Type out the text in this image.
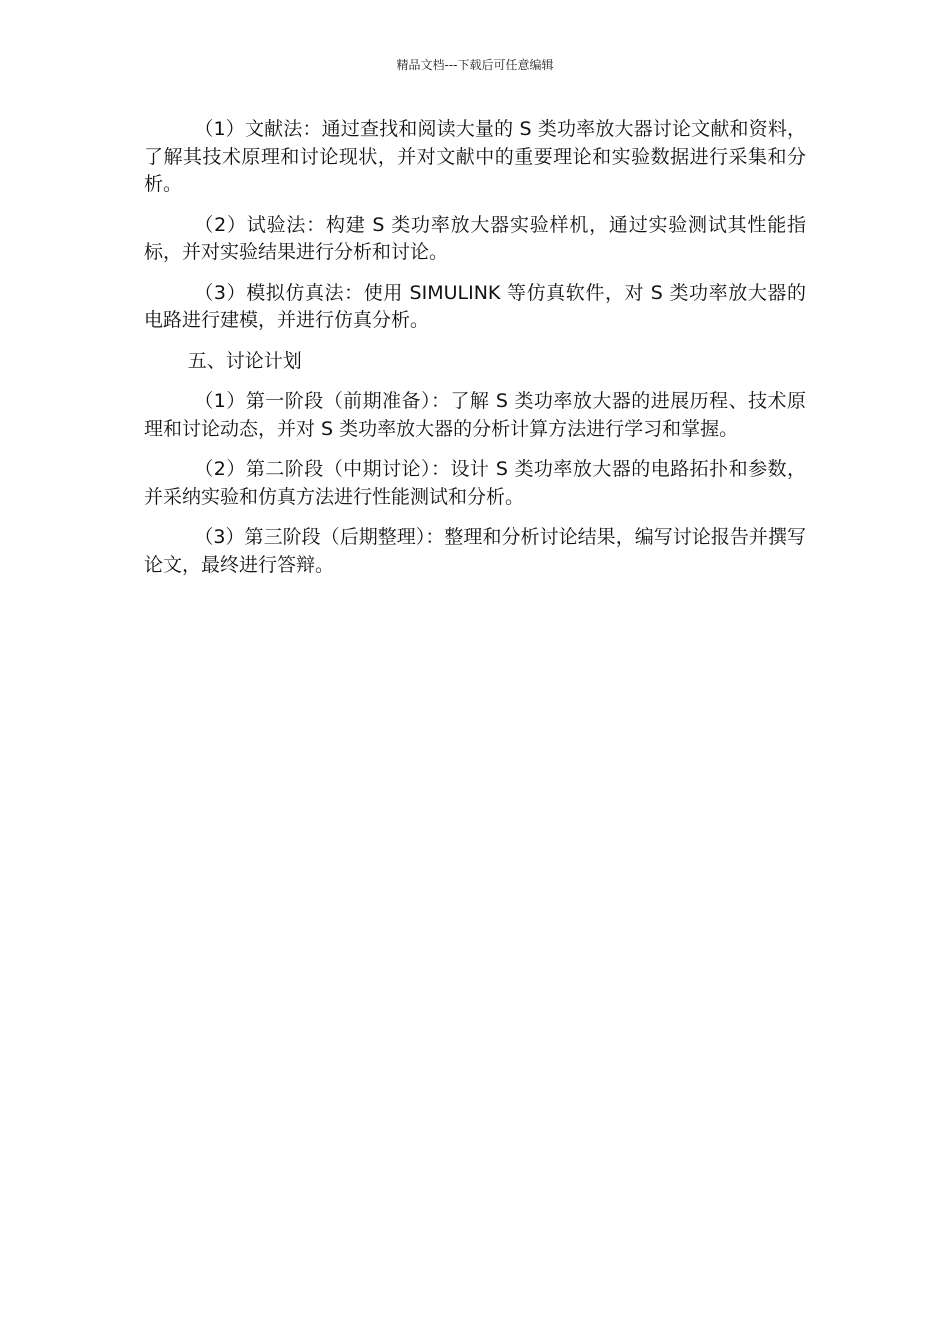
精品文档---下载后可任意编辑

（1）文献法：通过查找和阅读大量的 S 类功率放大器讨论文献和资料，了解其技术原理和讨论现状，并对文献中的重要理论和实验数据进行采集和分析。

（2）试验法：构建 S 类功率放大器实验样机，通过实验测试其性能指标，并对实验结果进行分析和讨论。

（3）模拟仿真法：使用 SIMULINK 等仿真软件，对 S 类功率放大器的电路进行建模，并进行仿真分析。

五、讨论计划

（1）第一阶段（前期准备）：了解 S 类功率放大器的进展历程、技术原理和讨论动态，并对 S 类功率放大器的分析计算方法进行学习和掌握。

（2）第二阶段（中期讨论）：设计 S 类功率放大器的电路拓扑和参数，并采纳实验和仿真方法进行性能测试和分析。

（3）第三阶段（后期整理）：整理和分析讨论结果，编写讨论报告并撰写论文，最终进行答辩。
